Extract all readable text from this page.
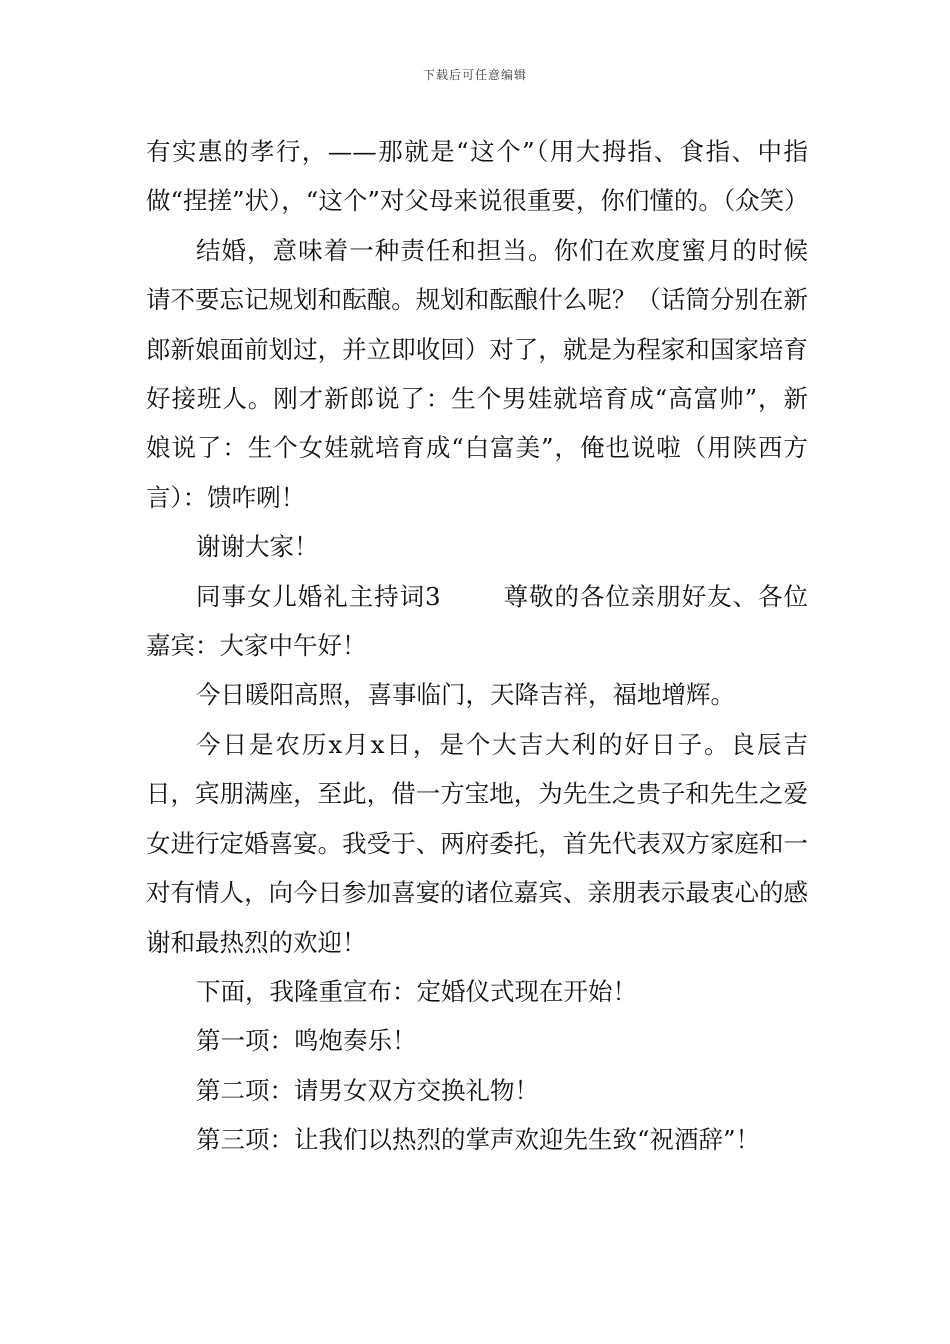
下载后可任意编辑

有实惠的孝行，——那就是“这个”（用大拇指、食指、中指做“捏搓”状），“这个”对父母来说很重要，你们懂的。（众笑）

结婚，意味着一种责任和担当。你们在欢度蜜月的时候请不要忘记规划和酝酿。规划和酝酿什么呢？（话筒分别在新郎新娘面前划过，并立即收回）对了，就是为程家和国家培育好接班人。刚才新郎说了：生个男娃就培育成“高富帅”，新娘说了：生个女娃就培育成“白富美”，俺也说啦（用陕西方言）：馈咋咧！

谢谢大家！

同事女儿婚礼主持词3	尊敬的各位亲朋好友、各位嘉宾：大家中午好！

今日暖阳高照，喜事临门，天降吉祥，福地增辉。

今日是农历x月x日，是个大吉大利的好日子。良辰吉日，宾朋满座，至此，借一方宝地，为先生之贵子和先生之爱女进行定婚喜宴。我受于、两府委托，首先代表双方家庭和一对有情人，向今日参加喜宴的诸位嘉宾、亲朋表示最衷心的感谢和最热烈的欢迎！

下面，我隆重宣布：定婚仪式现在开始！

第一项：鸣炮奏乐！

第二项：请男女双方交换礼物！

第三项：让我们以热烈的掌声欢迎先生致“祝酒辞”！
